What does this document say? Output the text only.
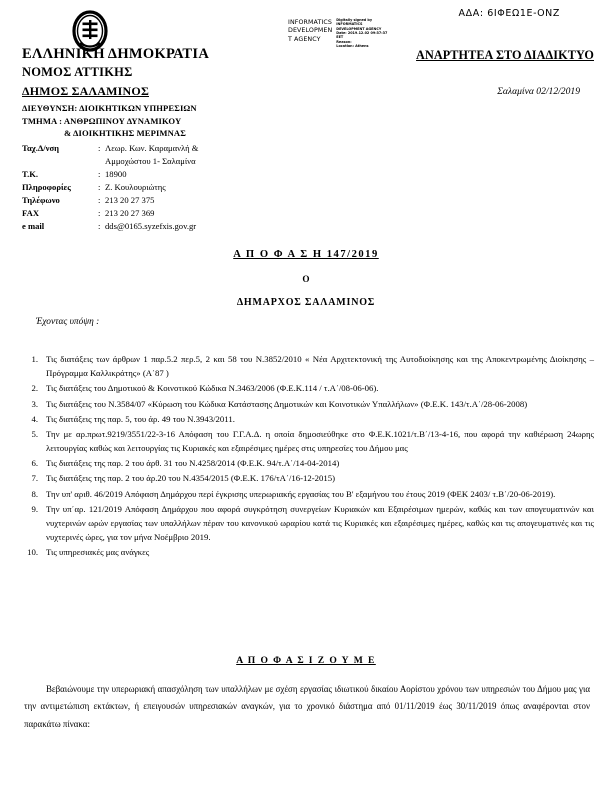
ΑΔΑ: 6ΙΦΕΩ1Ε-ΟΝΖ
INFORMATICS
DEVELOPMEN
T AGENCY
Digitally signed by
INFORMATICS
DEVELOPMENT AGENCY
Date: 2019.12.02 09:37:37
EET
Reason:
Location: Athens
ΕΛΛΗΝΙΚΗ ΔΗΜΟΚΡΑΤΙΑ
ΝΟΜΟΣ ΑΤΤΙΚΗΣ
ΔΗΜΟΣ ΣΑΛΑΜΙΝΟΣ
ΔΙΕΥΘΥΝΣΗ: ΔΙΟΙΚΗΤΙΚΩΝ ΥΠΗΡΕΣΙΩΝ
ΤΜΗΜΑ : ΑΝΘΡΩΠΙΝΟΥ ΔΥΝΑΜΙΚΟΥ
& ΔΙΟΙΚΗΤΙΚΗΣ ΜΕΡΙΜΝΑΣ
Ταχ.Δ/νση	: Λεωρ. Κων. Καραμανλή &
Αμμοχώστου 1- Σαλαμίνα
Τ.Κ.	: 18900
Πληροφορίες	: Ζ. Κουλουριώτης
Τηλέφωνο	: 213 20 27 375
FAX	: 213 20 27 369
e mail	: dds@0165.syzefxis.gov.gr
ΑΝΑΡΤΗΤΕΑ ΣΤΟ ΔΙΑΔΙΚΤΥΟ
Σαλαμίνα 02/12/2019
Α Π Ο Φ Α Σ Η 147/2019
Ο
ΔΗΜΑΡΧΟΣ ΣΑΛΑΜΙΝΟΣ
Έχοντας υπόψη :
1. Τις διατάξεις των άρθρων 1 παρ.5.2 περ.5, 2 και 58 του Ν.3852/2010 « Νέα Αρχιτεκτονική της Αυτοδιοίκησης και της Αποκεντρωμένης Διοίκησης – Πρόγραμμα Καλλικράτης» (Α΄87 )
2. Τις διατάξεις του Δημοτικού & Κοινοτικού Κώδικα Ν.3463/2006 (Φ.Ε.Κ.114 / τ.Α΄/08-06-06).
3. Τις διατάξεις του Ν.3584/07 «Κύρωση του Κώδικα Κατάστασης Δημοτικών και Κοινοτικών Υπαλλήλων» (Φ.Ε.Κ. 143/τ.Α΄/28-06-2008)
4. Τις διατάξεις της παρ. 5, του άρ. 49 του Ν.3943/2011.
5. Την με αρ.πρωτ.9219/3551/22-3-16 Απόφαση του Γ.Γ.Α.Δ. η οποία δημοσιεύθηκε στο Φ.Ε.Κ.1021/τ.Β΄/13-4-16, που αφορά την καθιέρωση 24ωρης λειτουργίας καθώς και λειτουργίας τις Κυριακές και εξαιρέσιμες ημέρες στις υπηρεσίες του Δήμου μας
6. Τις διατάξεις της παρ. 2 του άρθ. 31 του Ν.4258/2014 (Φ.Ε.Κ. 94/τ.Α΄/14-04-2014)
7. Τις διατάξεις της παρ. 2 του άρ.20 του Ν.4354/2015 (Φ.Ε.Κ. 176/τΑ΄/16-12-2015)
8. Την υπ' αριθ. 46/2019 Απόφαση Δημάρχου περί έγκρισης υπερωριακής εργασίας του Β' εξαμήνου του έτους 2019 (ΦΕΚ 2403/ τ.Β΄/20-06-2019).
9. Την υπ΄αρ. 121/2019 Απόφαση Δημάρχου που αφορά συγκρότηση συνεργείων Κυριακών και Εξαιρέσιμων ημερών, καθώς και των απογευματινών και νυχτερινών ωρών εργασίας των υπαλλήλων πέραν του κανονικού ωραρίου κατά τις Κυριακές και εξαιρέσιμες ημέρες, καθώς και τις απογευματινές και τις νυχτερινές ώρες, για τον μήνα Νοέμβριο 2019.
10. Τις υπηρεσιακές μας ανάγκες
Α Π Ο Φ Α Σ Ι Ζ Ο Υ Μ Ε
Βεβαιώνουμε την υπερωριακή απασχόληση των υπαλλήλων με σχέση εργασίας ιδιωτικού δικαίου Αορίστου χρόνου των υπηρεσιών του Δήμου μας για την αντιμετώπιση εκτάκτων, ή επειγουσών υπηρεσιακών αναγκών, για το χρονικό διάστημα από 01/11/2019 έως 30/11/2019 όπως αναφέρονται στον παρακάτω πίνακα:
